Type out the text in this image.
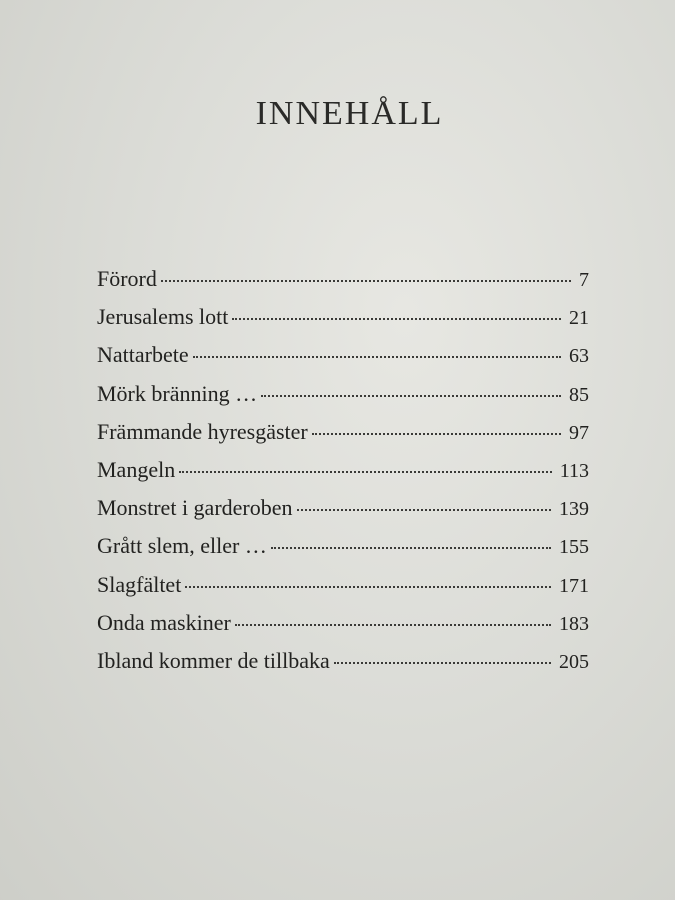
INNEHÅLL
Förord	7
Jerusalems lott	21
Nattarbete	63
Mörk bränning …	85
Främmande hyresgäster	97
Mangeln	113
Monstret i garderoben	139
Grått slem, eller …	155
Slagfältet	171
Onda maskiner	183
Ibland kommer de tillbaka	205
